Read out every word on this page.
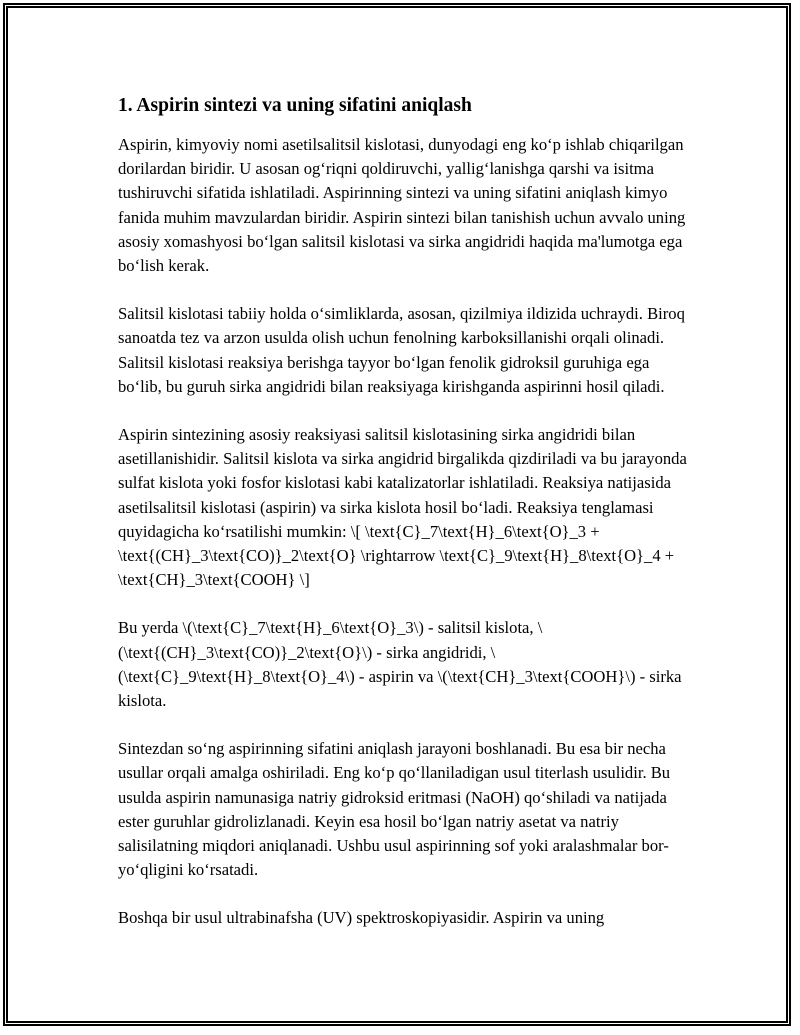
1. Aspirin sintezi va uning sifatini aniqlash

Aspirin, kimyoviy nomi asetilsalitsil kislotasi, dunyodagi eng ko‘p ishlab chiqarilgan dorilardan biridir. U asosan og‘riqni qoldiruvchi, yallig‘lanishga qarshi va isitma tushiruvchi sifatida ishlatiladi. Aspirinning sintezi va uning sifatini aniqlash kimyo fanida muhim mavzulardan biridir. Aspirin sintezi bilan tanishish uchun avvalo uning asosiy xomashyosi bo‘lgan salitsil kislotasi va sirka angidridi haqida ma'lumotga ega bo‘lish kerak.

Salitsil kislotasi tabiiy holda o‘simliklarda, asosan, qizilmiya ildizida uchraydi. Biroq sanoatda tez va arzon usulda olish uchun fenolning karboksillanishi orqali olinadi. Salitsil kislotasi reaksiya berishga tayyor bo‘lgan fenolik gidroksil guruhiga ega bo‘lib, bu guruh sirka angidridi bilan reaksiyaga kirishganda aspirinni hosil qiladi.

Aspirin sintezining asosiy reaksiyasi salitsil kislotasining sirka angidridi bilan asetillanishidir. Salitsil kislota va sirka angidrid birgalikda qizdiriladi va bu jarayonda sulfat kislota yoki fosfor kislotasi kabi katalizatorlar ishlatiladi. Reaksiya natijasida asetilsalitsil kislotasi (aspirin) va sirka kislota hosil bo‘ladi. Reaksiya tenglamasi quyidagicha ko‘rsatilishi mumkin: \[ \text{C}_7\text{H}_6\text{O}_3 + \text{(CH}_3\text{CO)}_2\text{O} \rightarrow \text{C}_9\text{H}_8\text{O}_4 + \text{CH}_3\text{COOH} \]

Bu yerda \(\text{C}_7\text{H}_6\text{O}_3\) - salitsil kislota, \(\text{(CH}_3\text{CO)}_2\text{O}\) - sirka angidridi, \(\text{C}_9\text{H}_8\text{O}_4\) - aspirin va \(\text{CH}_3\text{COOH}\) - sirka kislota.

Sintezdan so‘ng aspirinning sifatini aniqlash jarayoni boshlanadi. Bu esa bir necha usullar orqali amalga oshiriladi. Eng ko‘p qo‘llaniladigan usul titerlash usulidir. Bu usulda aspirin namunasiga natriy gidroksid eritmasi (NaOH) qo‘shiladi va natijada ester guruhlar gidrolizlanadi. Keyin esa hosil bo‘lgan natriy asetat va natriy salisilatning miqdori aniqlanadi. Ushbu usul aspirinning sof yoki aralashmalar bor-yo‘qligini ko‘rsatadi.

Boshqa bir usul ultrabinafsha (UV) spektroskopiyasidir. Aspirin va uning
